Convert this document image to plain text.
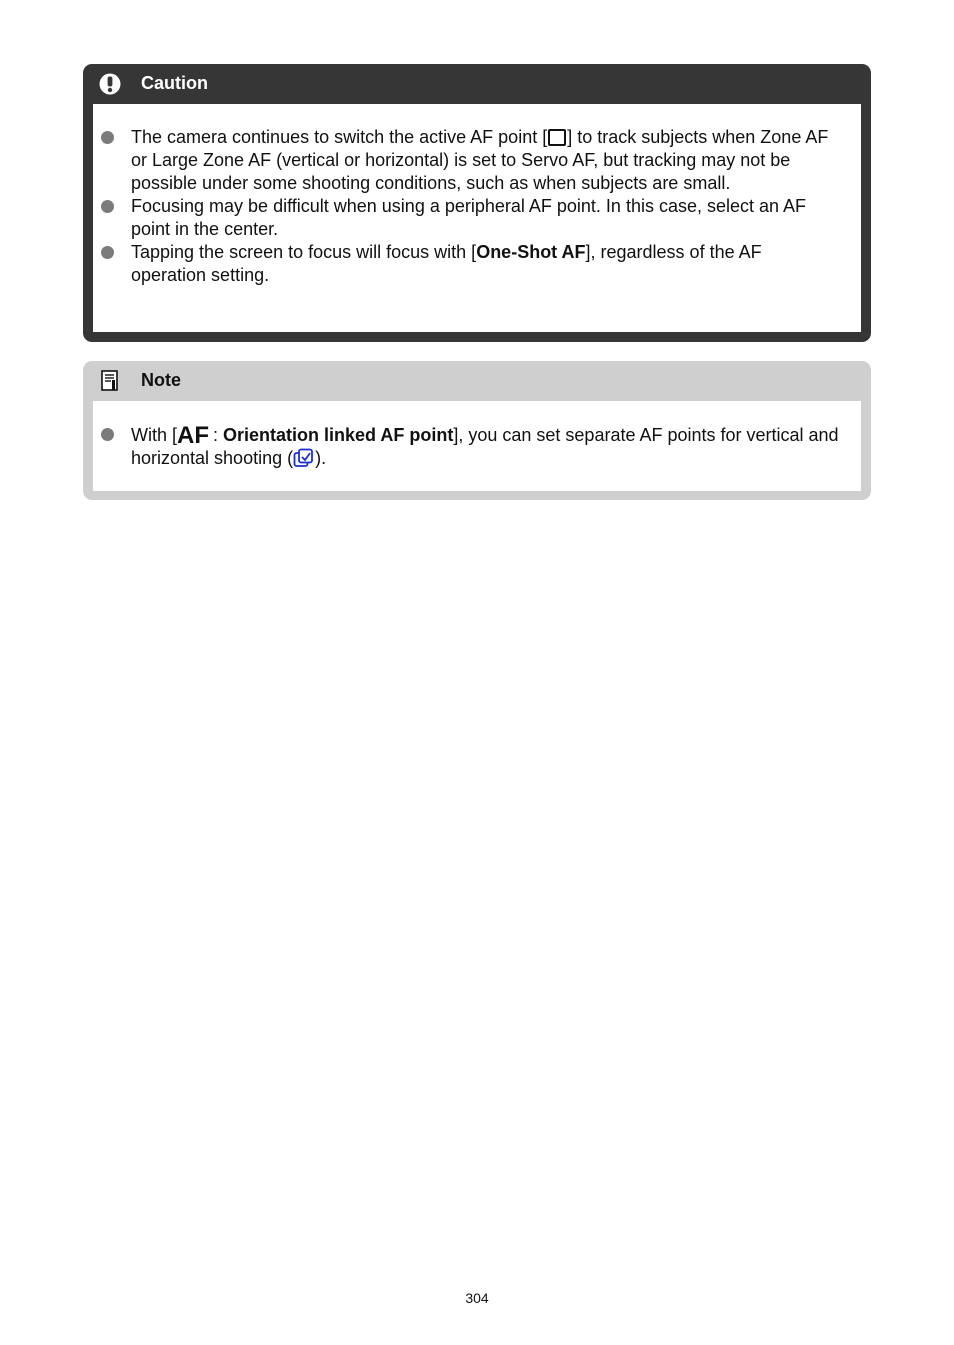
Caution
The camera continues to switch the active AF point [ ] to track subjects when Zone AF or Large Zone AF (vertical or horizontal) is set to Servo AF, but tracking may not be possible under some shooting conditions, such as when subjects are small.
Focusing may be difficult when using a peripheral AF point. In this case, select an AF point in the center.
Tapping the screen to focus will focus with [One-Shot AF], regardless of the AF operation setting.
Note
With [ AF : Orientation linked AF point], you can set separate AF points for vertical and horizontal shooting ( ).
304
